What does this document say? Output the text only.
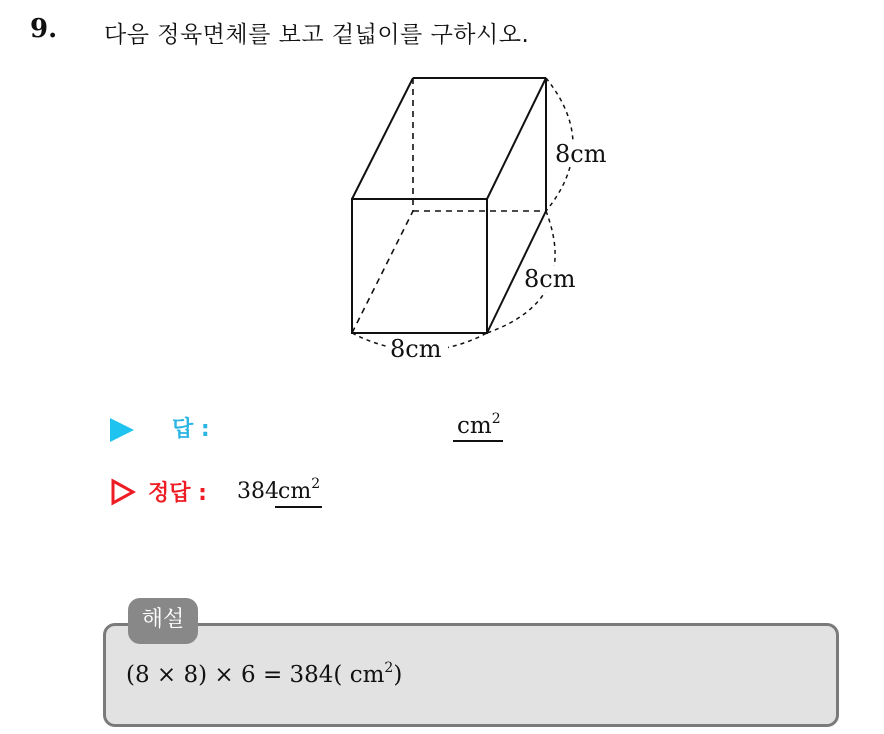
9. 다음 정육면체를 보고 겉넓이를 구하시오.
8cm
8cm
8cm
답 :	$cm^2$
정답 : 384 $cm^2$
해설
(8 × 8) × 6 = 384( $cm^2$)
